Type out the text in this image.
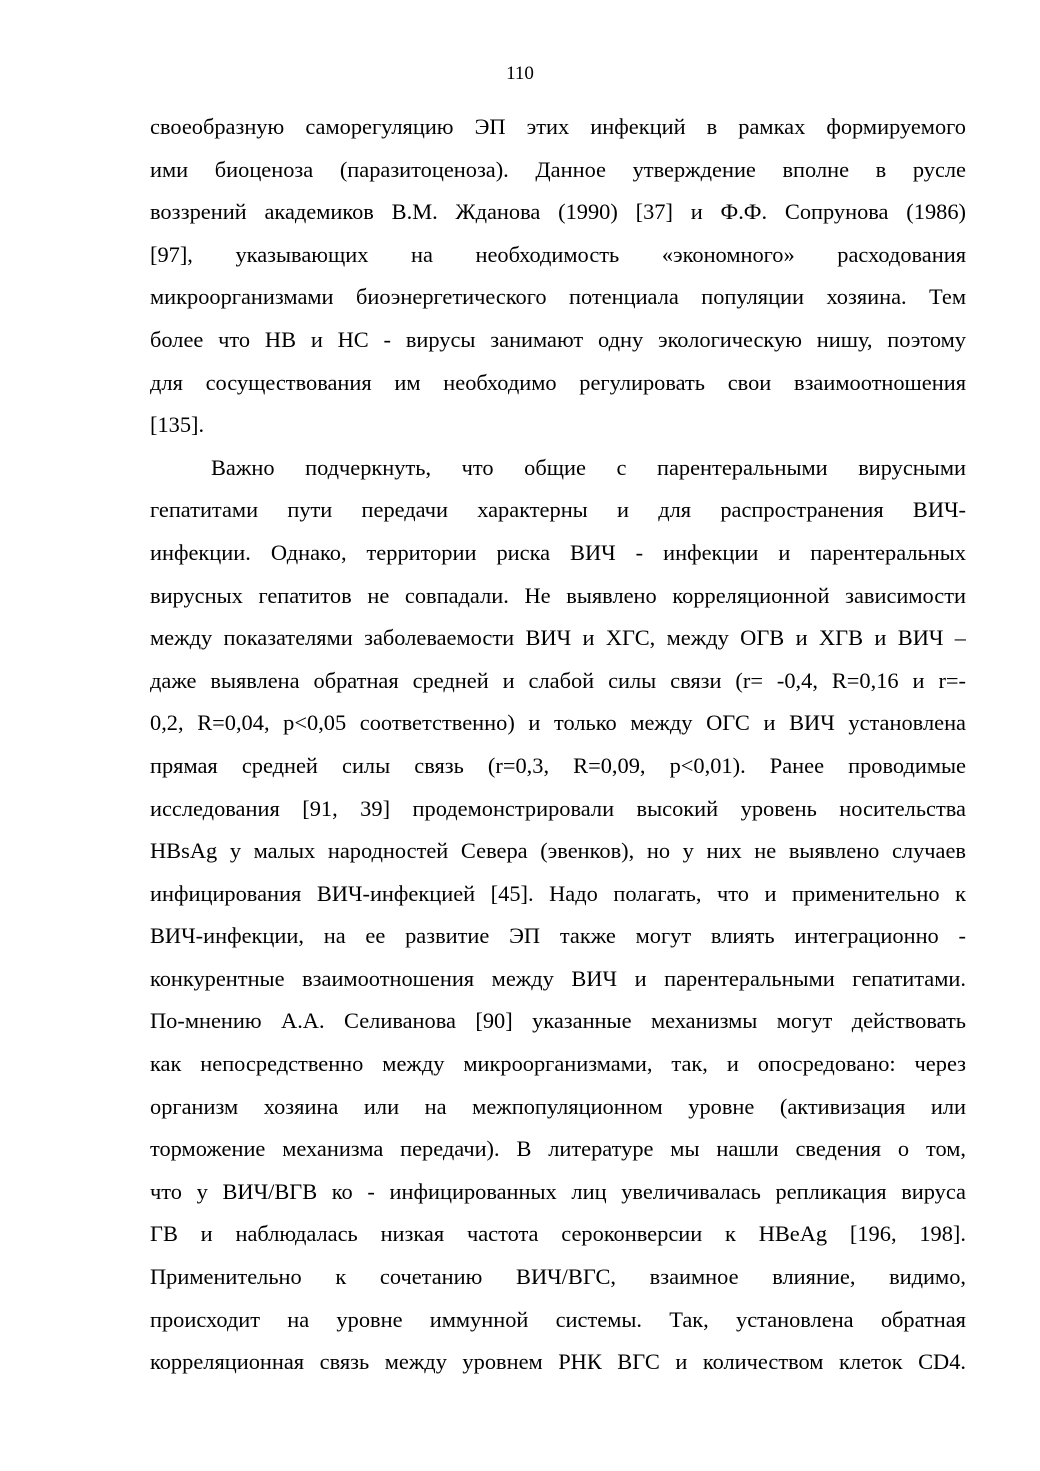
110
своеобразную саморегуляцию ЭП этих инфекций в рамках формируемого
ими биоценоза (паразитоценоза). Данное утверждение вполне в русле
воззрений академиков В.М. Жданова (1990) [37] и Ф.Ф. Сопрунова (1986)
[97], указывающих на необходимость «экономного» расходования
микроорганизмами биоэнергетического потенциала популяции хозяина. Тем
более что НВ и НС - вирусы занимают одну экологическую нишу, поэтому
для сосуществования им необходимо регулировать свои взаимоотношения
[135].
Важно подчеркнуть, что общие с парентеральными вирусными
гепатитами пути передачи характерны и для распространения ВИЧ-
инфекции. Однако, территории риска ВИЧ - инфекции и парентеральных
вирусных гепатитов не совпадали. Не выявлено корреляционной зависимости
между показателями заболеваемости ВИЧ и ХГС, между ОГВ и ХГВ и ВИЧ –
даже выявлена обратная средней и слабой силы связи (r= -0,4, R=0,16 и r=-
0,2, R=0,04, p<0,05 соответственно) и только между ОГС и ВИЧ установлена
прямая средней силы связь (r=0,3, R=0,09, p<0,01). Ранее проводимые
исследования [91, 39] продемонстрировали высокий уровень носительства
HBsAg у малых народностей Севера (эвенков), но у них не выявлено случаев
инфицирования ВИЧ-инфекцией [45]. Надо полагать, что и применительно к
ВИЧ-инфекции, на ее развитие ЭП также могут влиять интеграционно -
конкурентные взаимоотношения между ВИЧ и парентеральными гепатитами.
По-мнению А.А. Селиванова [90] указанные механизмы могут действовать
как непосредственно между микроорганизмами, так, и опосредовано: через
организм хозяина или на межпопуляционном уровне (активизация или
торможение механизма передачи). В литературе мы нашли сведения о том,
что у ВИЧ/ВГВ ко - инфицированных лиц увеличивалась репликация вируса
ГВ и наблюдалась низкая частота сероконверсии к HBeAg [196, 198].
Применительно к сочетанию ВИЧ/ВГС, взаимное влияние, видимо,
происходит на уровне иммунной системы. Так, установлена обратная
корреляционная связь между уровнем РНК ВГС и количеством клеток CD4.
